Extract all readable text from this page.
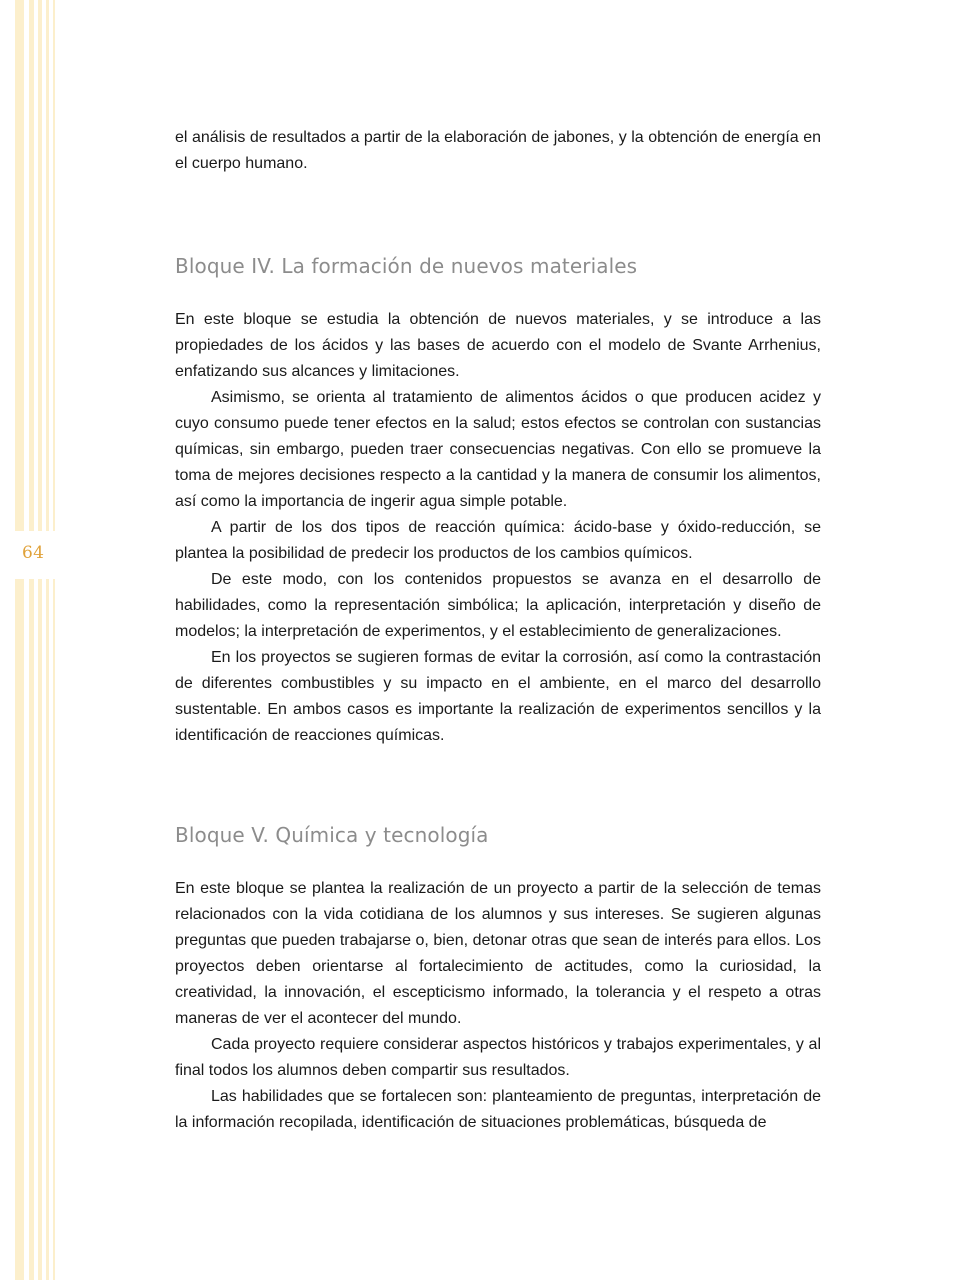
64

el análisis de resultados a partir de la elaboración de jabones, y la obtención de energía en el cuerpo humano.

Bloque IV. La formación de nuevos materiales

En este bloque se estudia la obtención de nuevos materiales, y se introduce a las propiedades de los ácidos y las bases de acuerdo con el modelo de Svante Arrhenius, enfatizando sus alcances y limitaciones.

Asimismo, se orienta al tratamiento de alimentos ácidos o que producen acidez y cuyo consumo puede tener efectos en la salud; estos efectos se controlan con sustancias químicas, sin embargo, pueden traer consecuencias negativas. Con ello se promueve la toma de mejores decisiones respecto a la cantidad y la manera de consumir los alimentos, así como la importancia de ingerir agua simple potable.

A partir de los dos tipos de reacción química: ácido-base y óxido-reducción, se plantea la posibilidad de predecir los productos de los cambios químicos.

De este modo, con los contenidos propuestos se avanza en el desarrollo de habilidades, como la representación simbólica; la aplicación, interpretación y diseño de modelos; la interpretación de experimentos, y el establecimiento de generalizaciones.

En los proyectos se sugieren formas de evitar la corrosión, así como la contrastación de diferentes combustibles y su impacto en el ambiente, en el marco del desarrollo sustentable. En ambos casos es importante la realización de experimentos sencillos y la identificación de reacciones químicas.

Bloque V. Química y tecnología

En este bloque se plantea la realización de un proyecto a partir de la selección de temas relacionados con la vida cotidiana de los alumnos y sus intereses. Se sugieren algunas preguntas que pueden trabajarse o, bien, detonar otras que sean de interés para ellos. Los proyectos deben orientarse al fortalecimiento de actitudes, como la curiosidad, la creatividad, la innovación, el escepticismo informado, la tolerancia y el respeto a otras maneras de ver el acontecer del mundo.

Cada proyecto requiere considerar aspectos históricos y trabajos experimentales, y al final todos los alumnos deben compartir sus resultados.

Las habilidades que se fortalecen son: planteamiento de preguntas, interpretación de la información recopilada, identificación de situaciones problemáticas, búsqueda de
